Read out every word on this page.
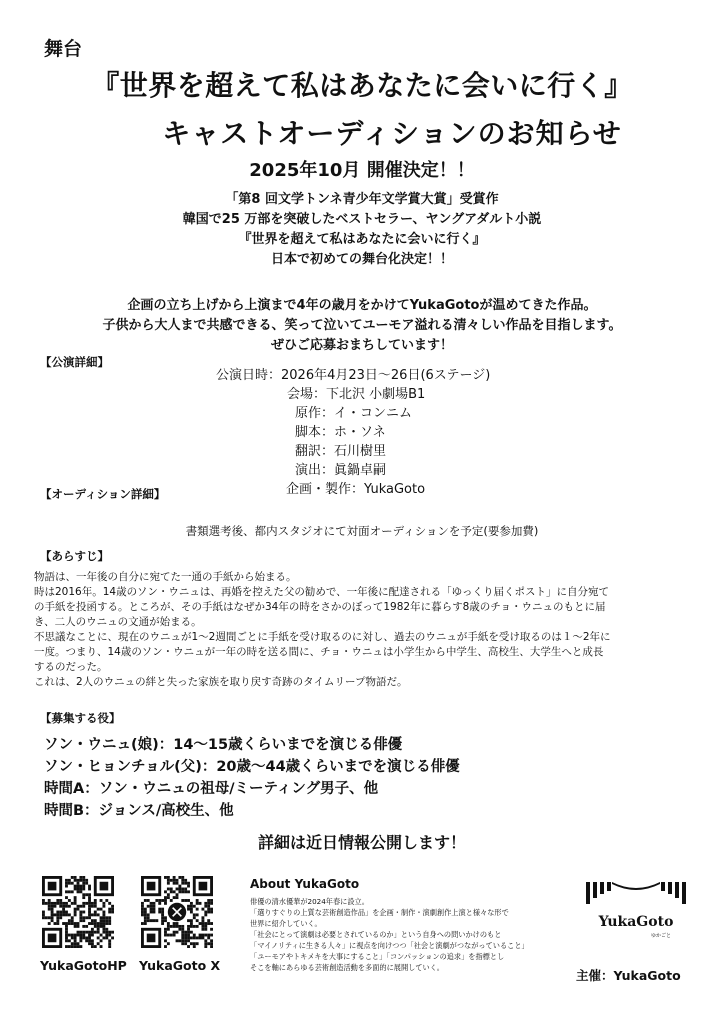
舞台
『世界を超えて私はあなたに会いに行く』
キャストオーディションのお知らせ
2025年10月 開催決定！！
「第8 回文学トンネ青少年文学賞大賞」受賞作
韓国で25 万部を突破したベストセラー、ヤングアダルト小説
『世界を超えて私はあなたに会いに行く』
日本で初めての舞台化決定！！
企画の立ち上げから上演まで4年の歳月をかけてYukaGotoが温めてきた作品。
子供から大人まで共感できる、笑って泣いてユーモア溢れる清々しい作品を目指します。
ぜひご応募おまちしています！
【公演詳細】
公演日時：2026年4月23日〜26日(6ステージ)
会場：下北沢 小劇場B1
原作：イ・コンニム
脚本：ホ・ソネ
翻訳：石川樹里
演出：眞鍋卓嗣
企画・製作：YukaGoto
【オーディション詳細】
書類選考後、都内スタジオにて対面オーディションを予定(要参加費)
【あらすじ】
物語は、一年後の自分に宛てた一通の手紙から始まる。
時は2016年。14歳のソン・ウニュは、再婚を控えた父の勧めで、一年後に配達される「ゆっくり届くポスト」に自分宛て
の手紙を投函する。ところが、その手紙はなぜか34年の時をさかのぼって1982年に暮らす8歳のチョ・ウニュのもとに届
き、二人のウニュの文通が始まる。
不思議なことに、現在のウニュが1〜2週間ごとに手紙を受け取るのに対し、過去のウニュが手紙を受け取るのは１〜2年に
一度。つまり、14歳のソン・ウニュが一年の時を送る間に、チョ・ウニュは小学生から中学生、高校生、大学生へと成長
するのだった。
これは、2人のウニュの絆と失った家族を取り戻す奇跡のタイムリープ物語だ。
【募集する役】
ソン・ウニュ(娘)：14〜15歳くらいまでを演じる俳優
ソン・ヒョンチョル(父)：20歳〜44歳くらいまでを演じる俳優
時間A：ソン・ウニュの祖母/ミーティング男子、他
時間B：ジョンス/高校生、他
詳細は近日情報公開します！
YukaGotoHP YukaGoto X
About YukaGoto
俳優の清水優華が2024年春に設立。
「選りすぐりの上質な芸術創造作品」を企画・制作・演劇創作上演と様々な形で
世界に紹介していく。
「社会にとって演劇は必要とされているのか」という自身への問いかけのもと
「マイノリティに生きる人々」に視点を向けつつ「社会と演劇がつながっていること」
「ユーモアやトキメキを大事にすること」「コンパッションの追求」を指標とし
そこを軸にあらゆる芸術創造活動を多面的に展開していく。
YukaGoto
ゆかごと
主催：YukaGoto
